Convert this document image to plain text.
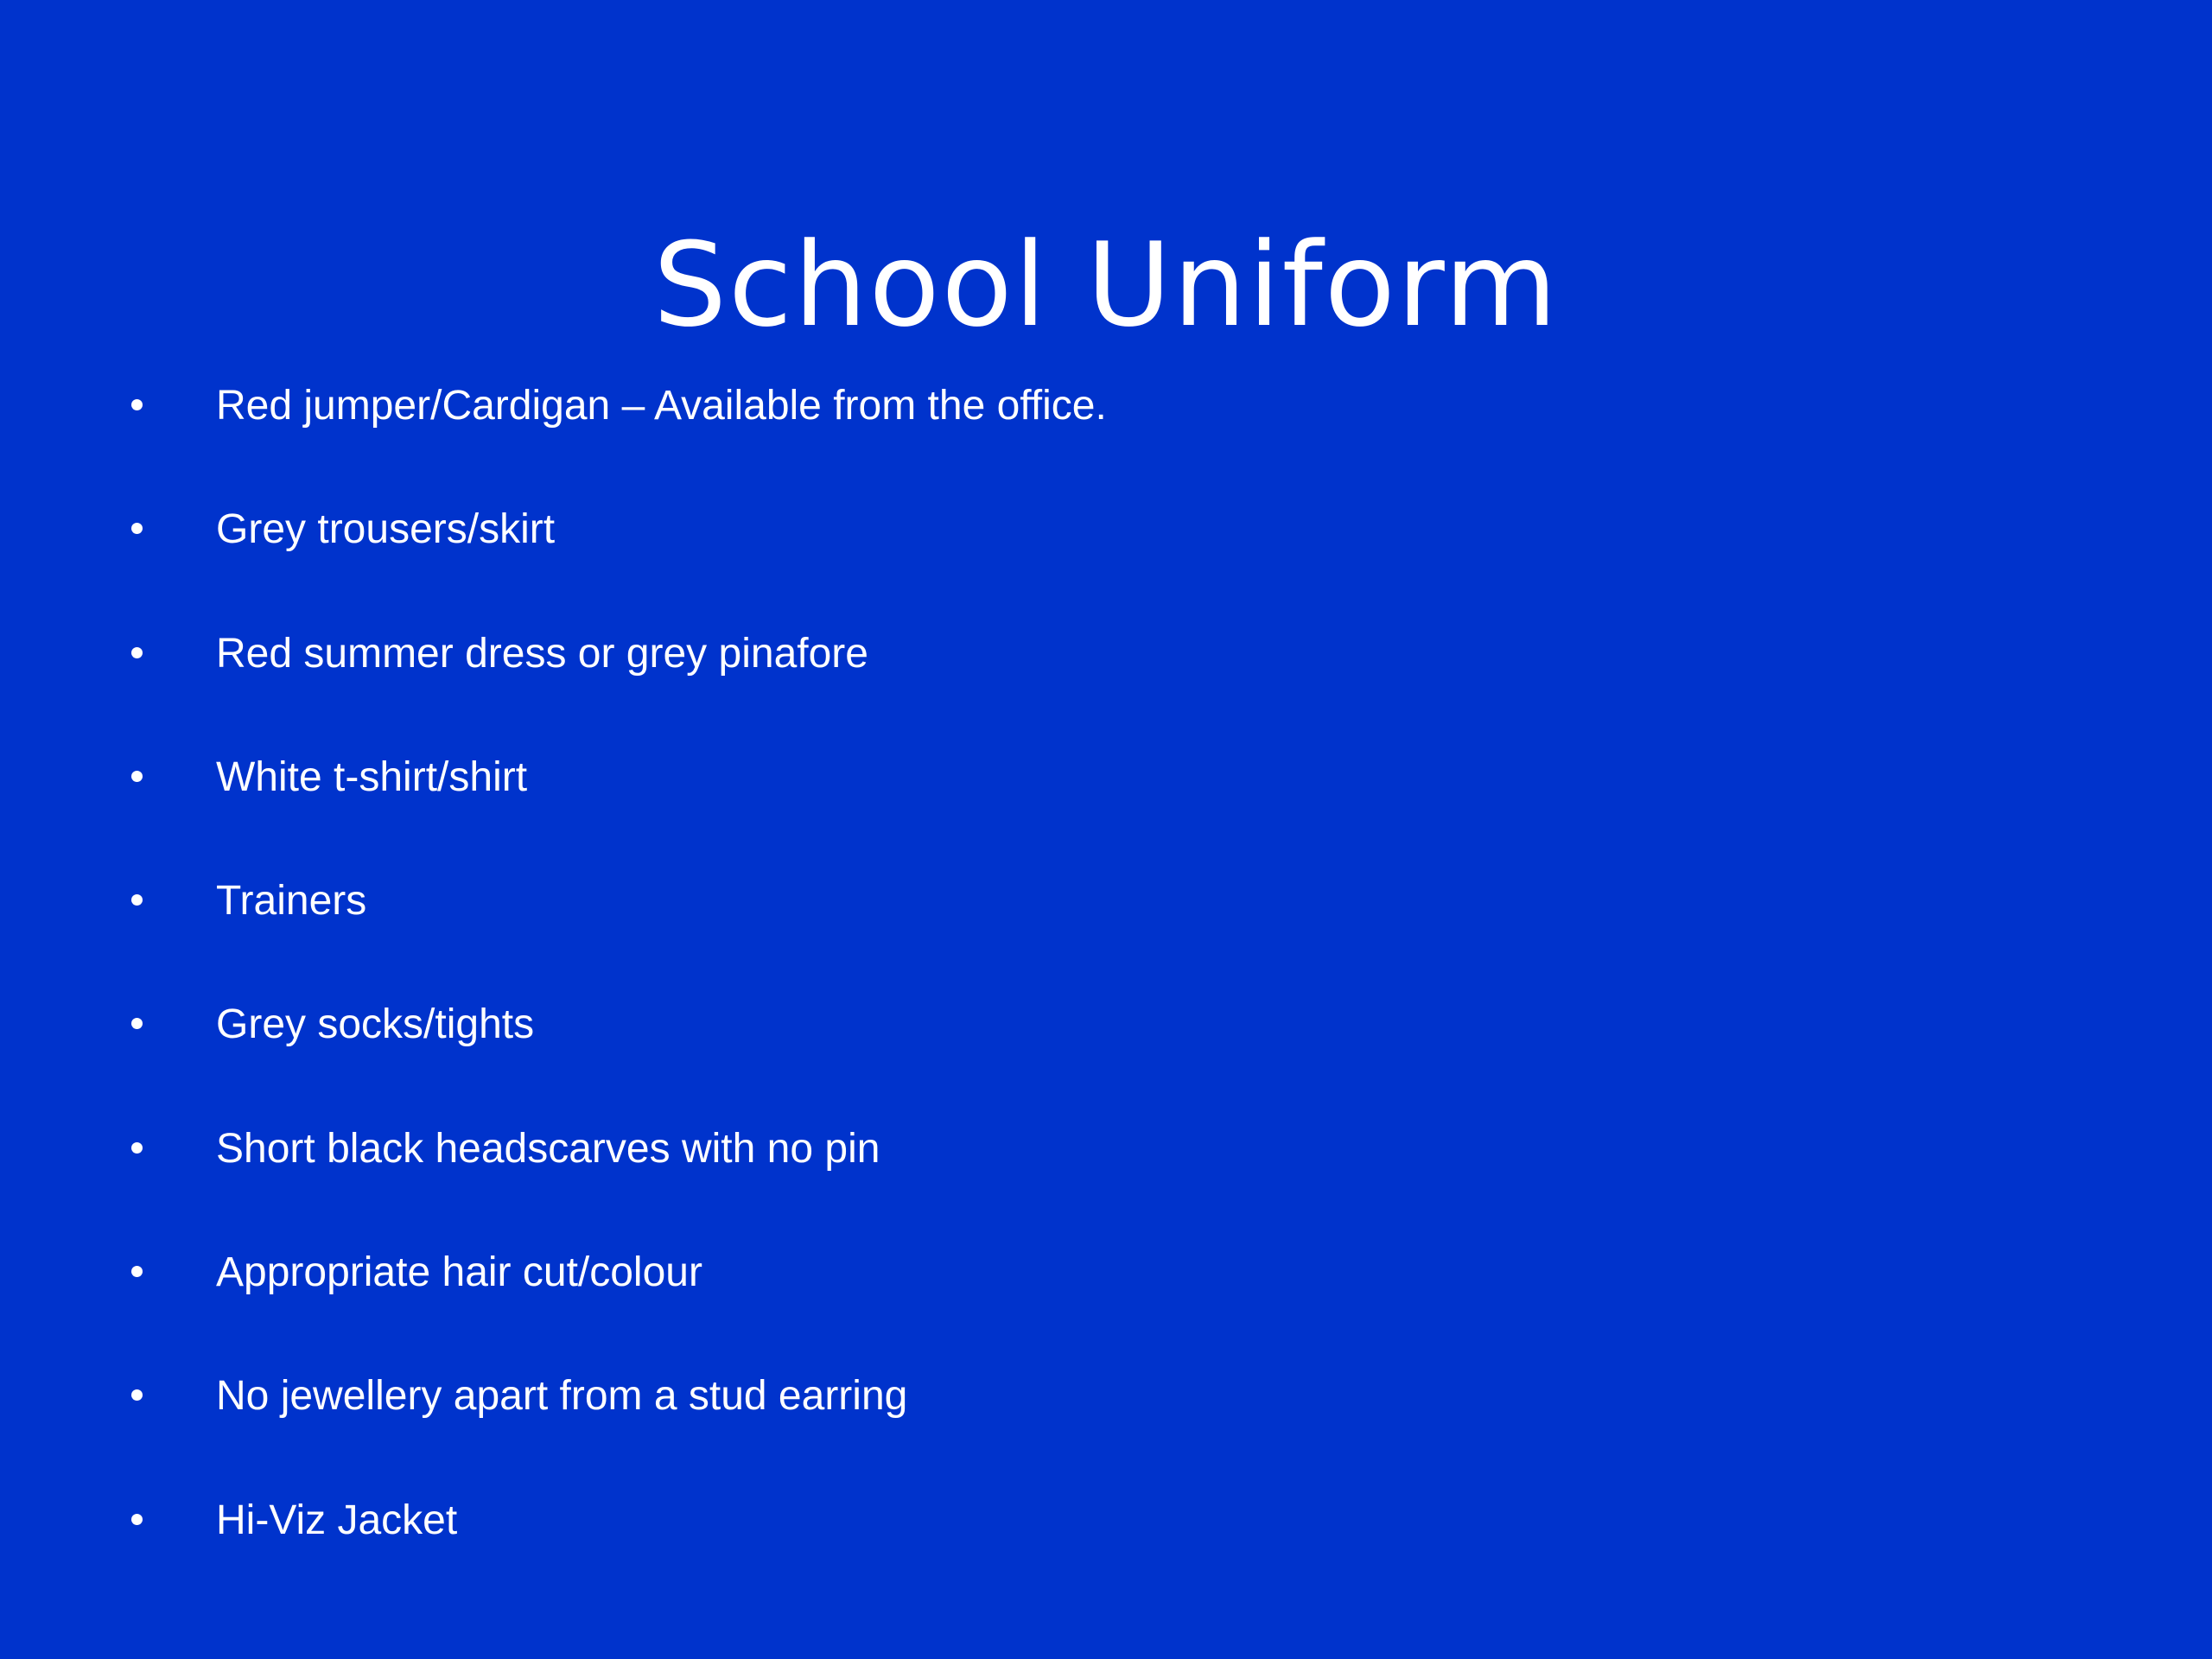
School Uniform
Red jumper/Cardigan – Available from the office.
Grey trousers/skirt
Red summer dress or grey pinafore
White t-shirt/shirt
Trainers
Grey socks/tights
Short black headscarves with no pin
Appropriate hair cut/colour
No jewellery apart from a stud earring
Hi-Viz Jacket
